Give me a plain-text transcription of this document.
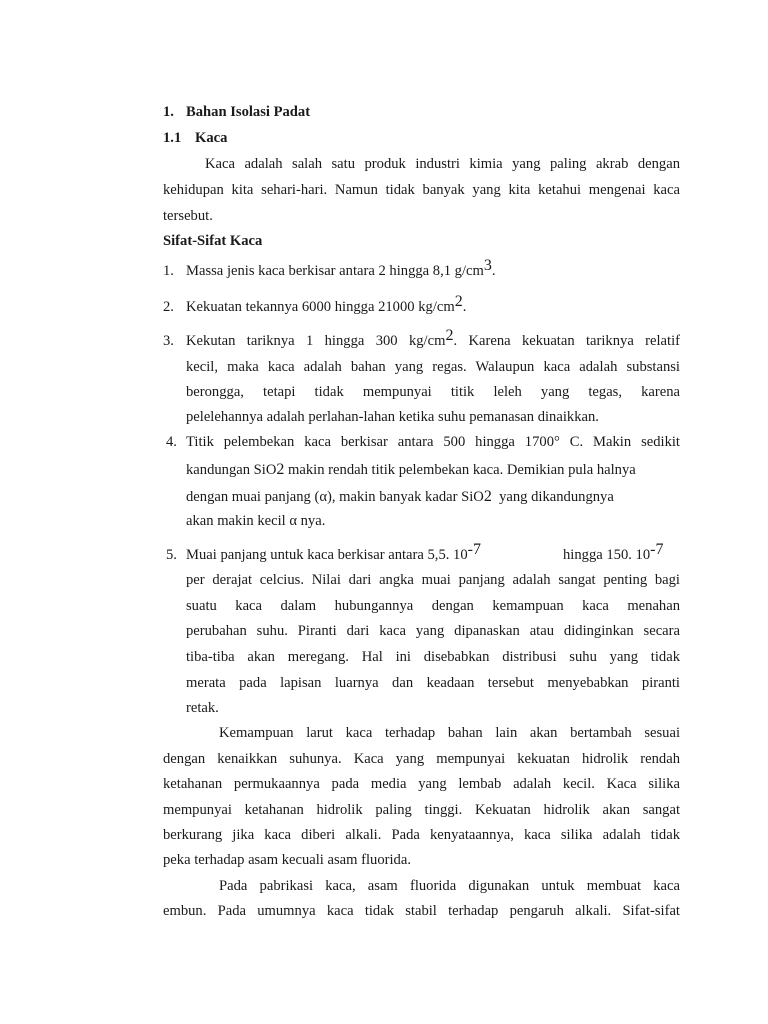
1. Bahan Isolasi Padat

1.1 Kaca

Kaca adalah salah satu produk industri kimia yang paling akrab dengan

kehidupan kita sehari-hari. Namun tidak banyak yang kita ketahui mengenai kaca

tersebut.

Sifat-Sifat Kaca

1. Massa jenis kaca berkisar antara 2 hingga 8,1 $g/cm^3$.

2. Kekuatan tekannya 6000 hingga 21000 $kg/cm^2$.

3. Kekutan tariknya 1 hingga 300 $kg/cm^2$. Karena kekuatan tariknya relatif

kecil, maka kaca adalah bahan yang regas. Walaupun kaca adalah substansi

berongga, tetapi tidak mempunyai titik leleh yang tegas, karena

pelelehannya adalah perlahan-lahan ketika suhu pemanasan dinaikkan.

4. Titik pelembekan kaca berkisar antara 500 hingga 1700° C. Makin sedikit

kandungan SiO2 makin rendah titik pelembekan kaca. Demikian pula halnya

dengan muai panjang (α), makin banyak kadar SiO2  yang dikandungnya

akan makin kecil α nya.

5. Muai panjang untuk kaca berkisar antara 5,5. $10^{-7}$	hingga 150. $10^{-7}$

per derajat celcius. Nilai dari angka muai panjang adalah sangat penting bagi

suatu kaca dalam hubungannya dengan kemampuan kaca menahan

perubahan suhu. Piranti dari kaca yang dipanaskan atau didinginkan secara

tiba-tiba akan meregang. Hal ini disebabkan distribusi suhu yang tidak

merata pada lapisan luarnya dan keadaan tersebut menyebabkan piranti

retak.

Kemampuan larut kaca terhadap bahan lain akan bertambah sesuai

dengan kenaikkan suhunya. Kaca yang mempunyai kekuatan hidrolik rendah

ketahanan permukaannya pada media yang lembab adalah kecil. Kaca silika

mempunyai ketahanan hidrolik paling tinggi. Kekuatan hidrolik akan sangat

berkurang jika kaca diberi alkali. Pada kenyataannya, kaca silika adalah tidak

peka terhadap asam kecuali asam fluorida.

Pada pabrikasi kaca, asam fluorida digunakan untuk membuat kaca

embun. Pada umumnya kaca tidak stabil terhadap pengaruh alkali. Sifat-sifat
